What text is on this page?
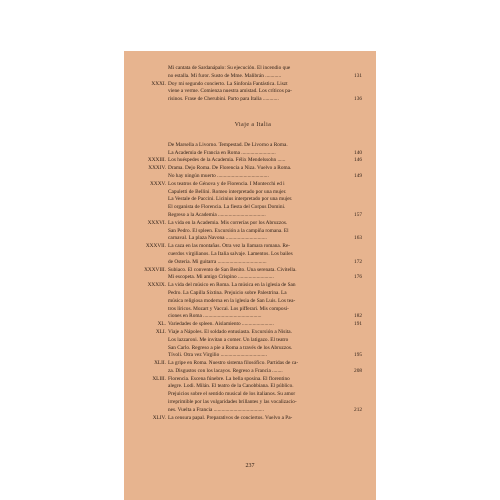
Mi cantata de Sardanápalo: Su ejecución. El incendio que
no estalla. Mi furor. Susto de Mme. Malibrán ............	131
XXXI. Doy mi segundo concierto. La Sinfonía Fantástica. Liszt
viene a verme. Comienza nuestra amistad. Los críticos pa-
risinos. Frase de Cherubini. Parto para Italia ............	136
Viaje a Italia
De Marsella a Livorno. Tempestad. De Livorno a Roma.
La Academia de Francia en Roma ..........................	140
XXXIII. Los huéspedes de la Academia. Félix Mendelssohn ......	146
XXXIV. Drama. Dejo Roma. De Florencia a Niza. Vuelvo a Roma.
No hay ningún muerto .......................................	149
XXXV. Los teatros de Génova y de Florencia. I Montecchi ed i
Capuletti de Bellini. Romeo interpretado por una mujer.
La Vestale de Paccini. Licinius interpretado por una mujer.
El organista de Florencia. La fiesta del Corpus Domini.
Regreso a la Academia ....................................	157
XXXVI. La vida en la Academia. Mis correrías por los Abruzzos.
San Pedro. El spleen. Excursión a la campiña romana. El
carnaval. La plaza Navona ...............................	163
XXXVII. La caza en las montañas. Otra vez la llamara romana. Re-
cuerdos virgilianos. La Italia salvaje. Lamentos. Los bailes
de Osteria. Mi guitarra .....................................	172
XXXVIII. Subiaco. El convento de San Benito. Una serenata. Civitella.
Mi escopeta. Mi amigo Crispino ...........................	176
XXXIX. La vida del músico en Roma. La música en la iglesia de San
Pedro. La Capilla Sixtina. Prejuicio sobre Palestrina. La
música religiosa moderna en la iglesia de San Luis. Los tea-
tros líricos. Mozart y Vaccai. Los pifferari. Mis composi-
ciones en Roma ............................................	182
XL. Variedades de spleen. Aislamiento ........................	191
XLI. Viaje a Nápoles. El soldado entusiasta. Excursión a Nisita.
Los lazzaroni. Me invitan a comer. Un latigazo. El teatro
San Carlo. Regreso a pie a Roma a través de los Abruzzos.
Tívoli. Otra vez Virgilio ...................................	195
XLII. La gripe en Roma. Nuestro sistema filosófico. Partidas de ca-
za. Disgustos con los lacayos. Regreso a Francia ........	208
XLIII. Florencia. Escena fúnebre. La bella sposina. El florentino
alegre. Lodi. Milán. El teatro de la Canobbiana. El público.
Prejuicios sobre el sentido musical de los italianos. Su amor
irreprimible por las vulgaridades brillantes y las vocalizacio-
nes. Vuelta a Francia ......................................	212
XLIV. La censura papal. Preparativos de conciertos. Vuelvo a Pa-
237
